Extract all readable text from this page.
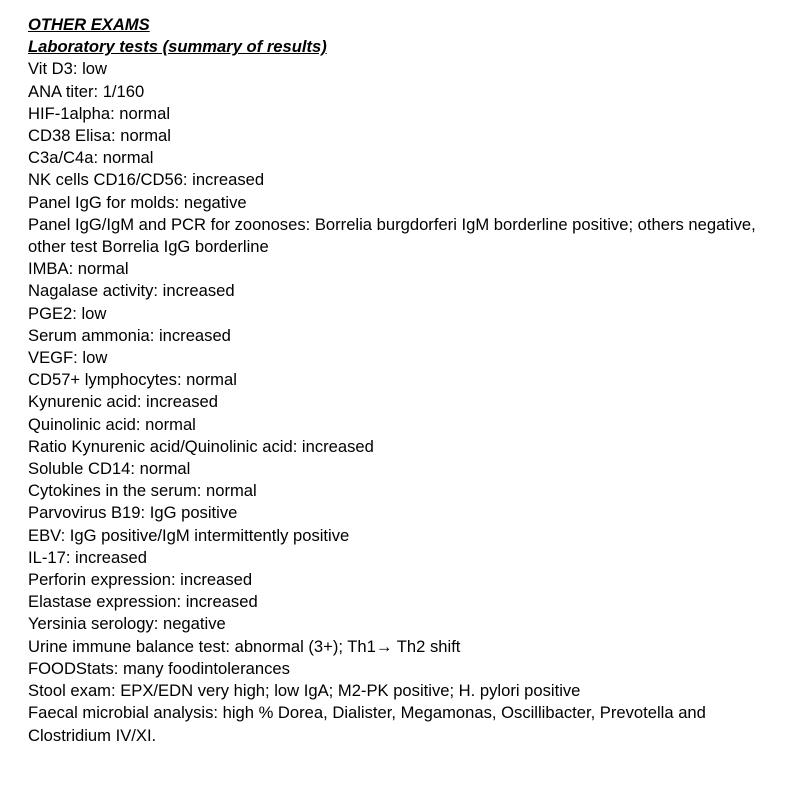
OTHER EXAMS

Laboratory tests (summary of results)

Vit D3: low

ANA titer: 1/160

HIF-1alpha: normal

CD38 Elisa: normal

C3a/C4a: normal

NK cells CD16/CD56: increased

Panel IgG for molds: negative

Panel IgG/IgM and PCR for zoonoses: Borrelia burgdorferi IgM borderline positive; others negative, other test Borrelia IgG borderline

IMBA: normal

Nagalase activity: increased

PGE2: low

Serum ammonia: increased

VEGF: low

CD57+ lymphocytes: normal

Kynurenic acid: increased

Quinolinic acid: normal

Ratio Kynurenic acid/Quinolinic acid: increased

Soluble CD14: normal

Cytokines in the serum: normal

Parvovirus B19: IgG positive

EBV: IgG positive/IgM intermittently positive

IL-17: increased

Perforin expression: increased

Elastase expression: increased

Yersinia serology: negative

Urine immune balance test: abnormal (3+); Th1→ Th2 shift

FOODStats: many foodintolerances

Stool exam: EPX/EDN very high; low IgA; M2-PK positive; H. pylori positive

Faecal microbial analysis: high % Dorea, Dialister, Megamonas, Oscillibacter, Prevotella and Clostridium IV/XI.
